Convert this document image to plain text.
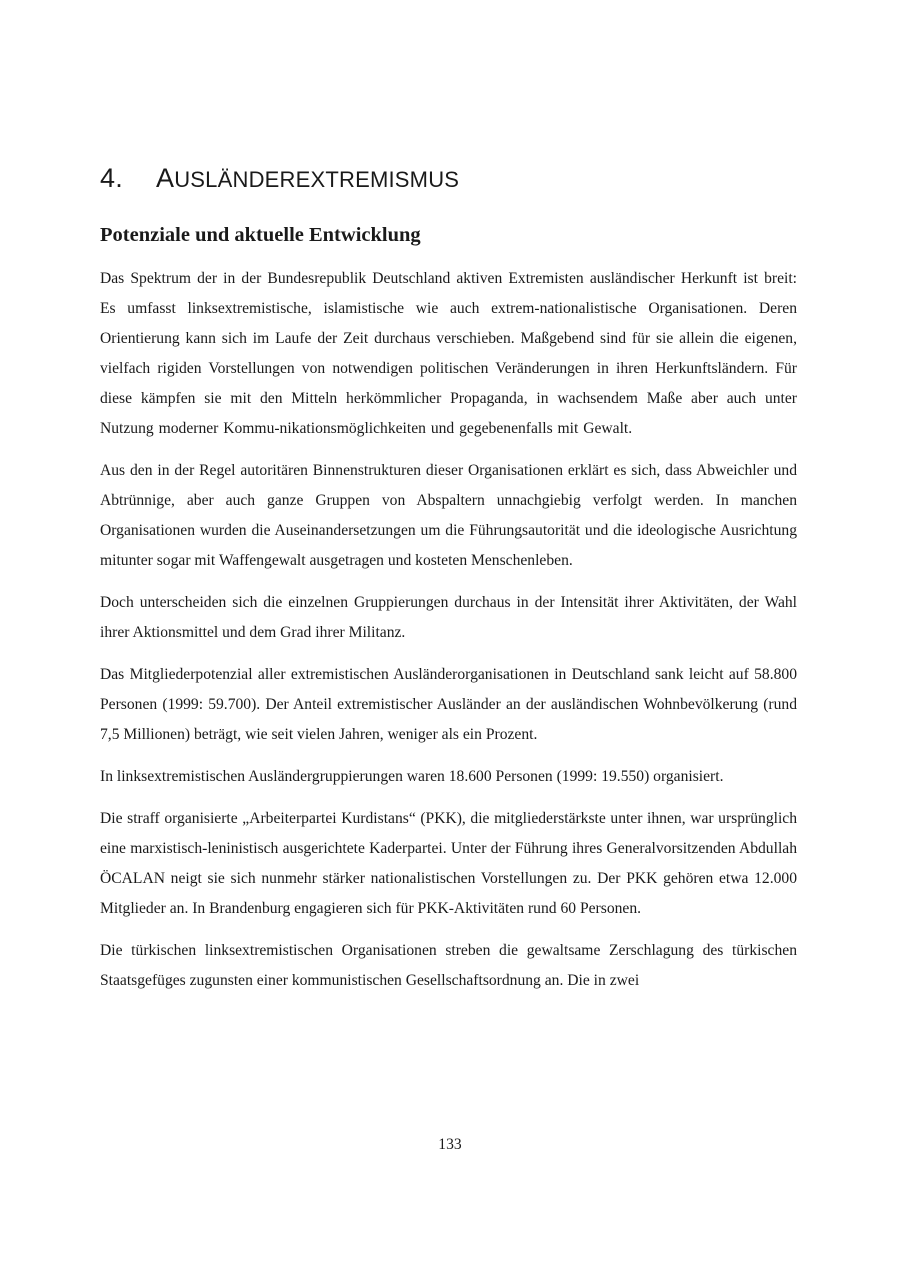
4. AUSLÄNDEREXTREMISMUS
Potenziale und aktuelle Entwicklung

Das Spektrum der in der Bundesrepublik Deutschland aktiven Extremisten ausländischer Herkunft ist breit: Es umfasst linksextremistische, islamistische wie auch extrem-nationalistische Organisationen. Deren Orientierung kann sich im Laufe der Zeit durchaus verschieben. Maßgebend sind für sie allein die eigenen, vielfach rigiden Vorstellungen von notwendigen politischen Veränderungen in ihren Herkunftsländern. Für diese kämpfen sie mit den Mitteln herkömmlicher Propaganda, in wachsendem Maße aber auch unter Nutzung moderner Kommu-nikationsmöglichkeiten und gegebenenfalls mit Gewalt.

Aus den in der Regel autoritären Binnenstrukturen dieser Organisationen erklärt es sich, dass Abweichler und Abtrünnige, aber auch ganze Gruppen von Abspaltern unnachgiebig verfolgt werden. In manchen Organisationen wurden die Auseinandersetzungen um die Führungsautorität und die ideologische Ausrichtung mitunter sogar mit Waffengewalt ausgetragen und kosteten Menschenleben.

Doch unterscheiden sich die einzelnen Gruppierungen durchaus in der Intensität ihrer Aktivitäten, der Wahl ihrer Aktionsmittel und dem Grad ihrer Militanz.

Das Mitgliederpotenzial aller extremistischen Ausländerorganisationen in Deutschland sank leicht auf 58.800 Personen (1999: 59.700). Der Anteil extremistischer Ausländer an der ausländischen Wohnbevölkerung (rund 7,5 Millionen) beträgt, wie seit vielen Jahren, weniger als ein Prozent.

In linksextremistischen Ausländergruppierungen waren 18.600 Personen (1999: 19.550) organisiert.

Die straff organisierte „Arbeiterpartei Kurdistans“ (PKK), die mitgliederstärkste unter ihnen, war ursprünglich eine marxistisch-leninistisch ausgerichtete Kaderpartei. Unter der Führung ihres Generalvorsitzenden Abdullah ÖCALAN neigt sie sich nunmehr stärker nationalistischen Vorstellungen zu. Der PKK gehören etwa 12.000 Mitglieder an. In Brandenburg engagieren sich für PKK-Aktivitäten rund 60 Personen.

Die türkischen linksextremistischen Organisationen streben die gewaltsame Zerschlagung des türkischen Staatsgefüges zugunsten einer kommunistischen Gesellschaftsordnung an. Die in zwei

133
